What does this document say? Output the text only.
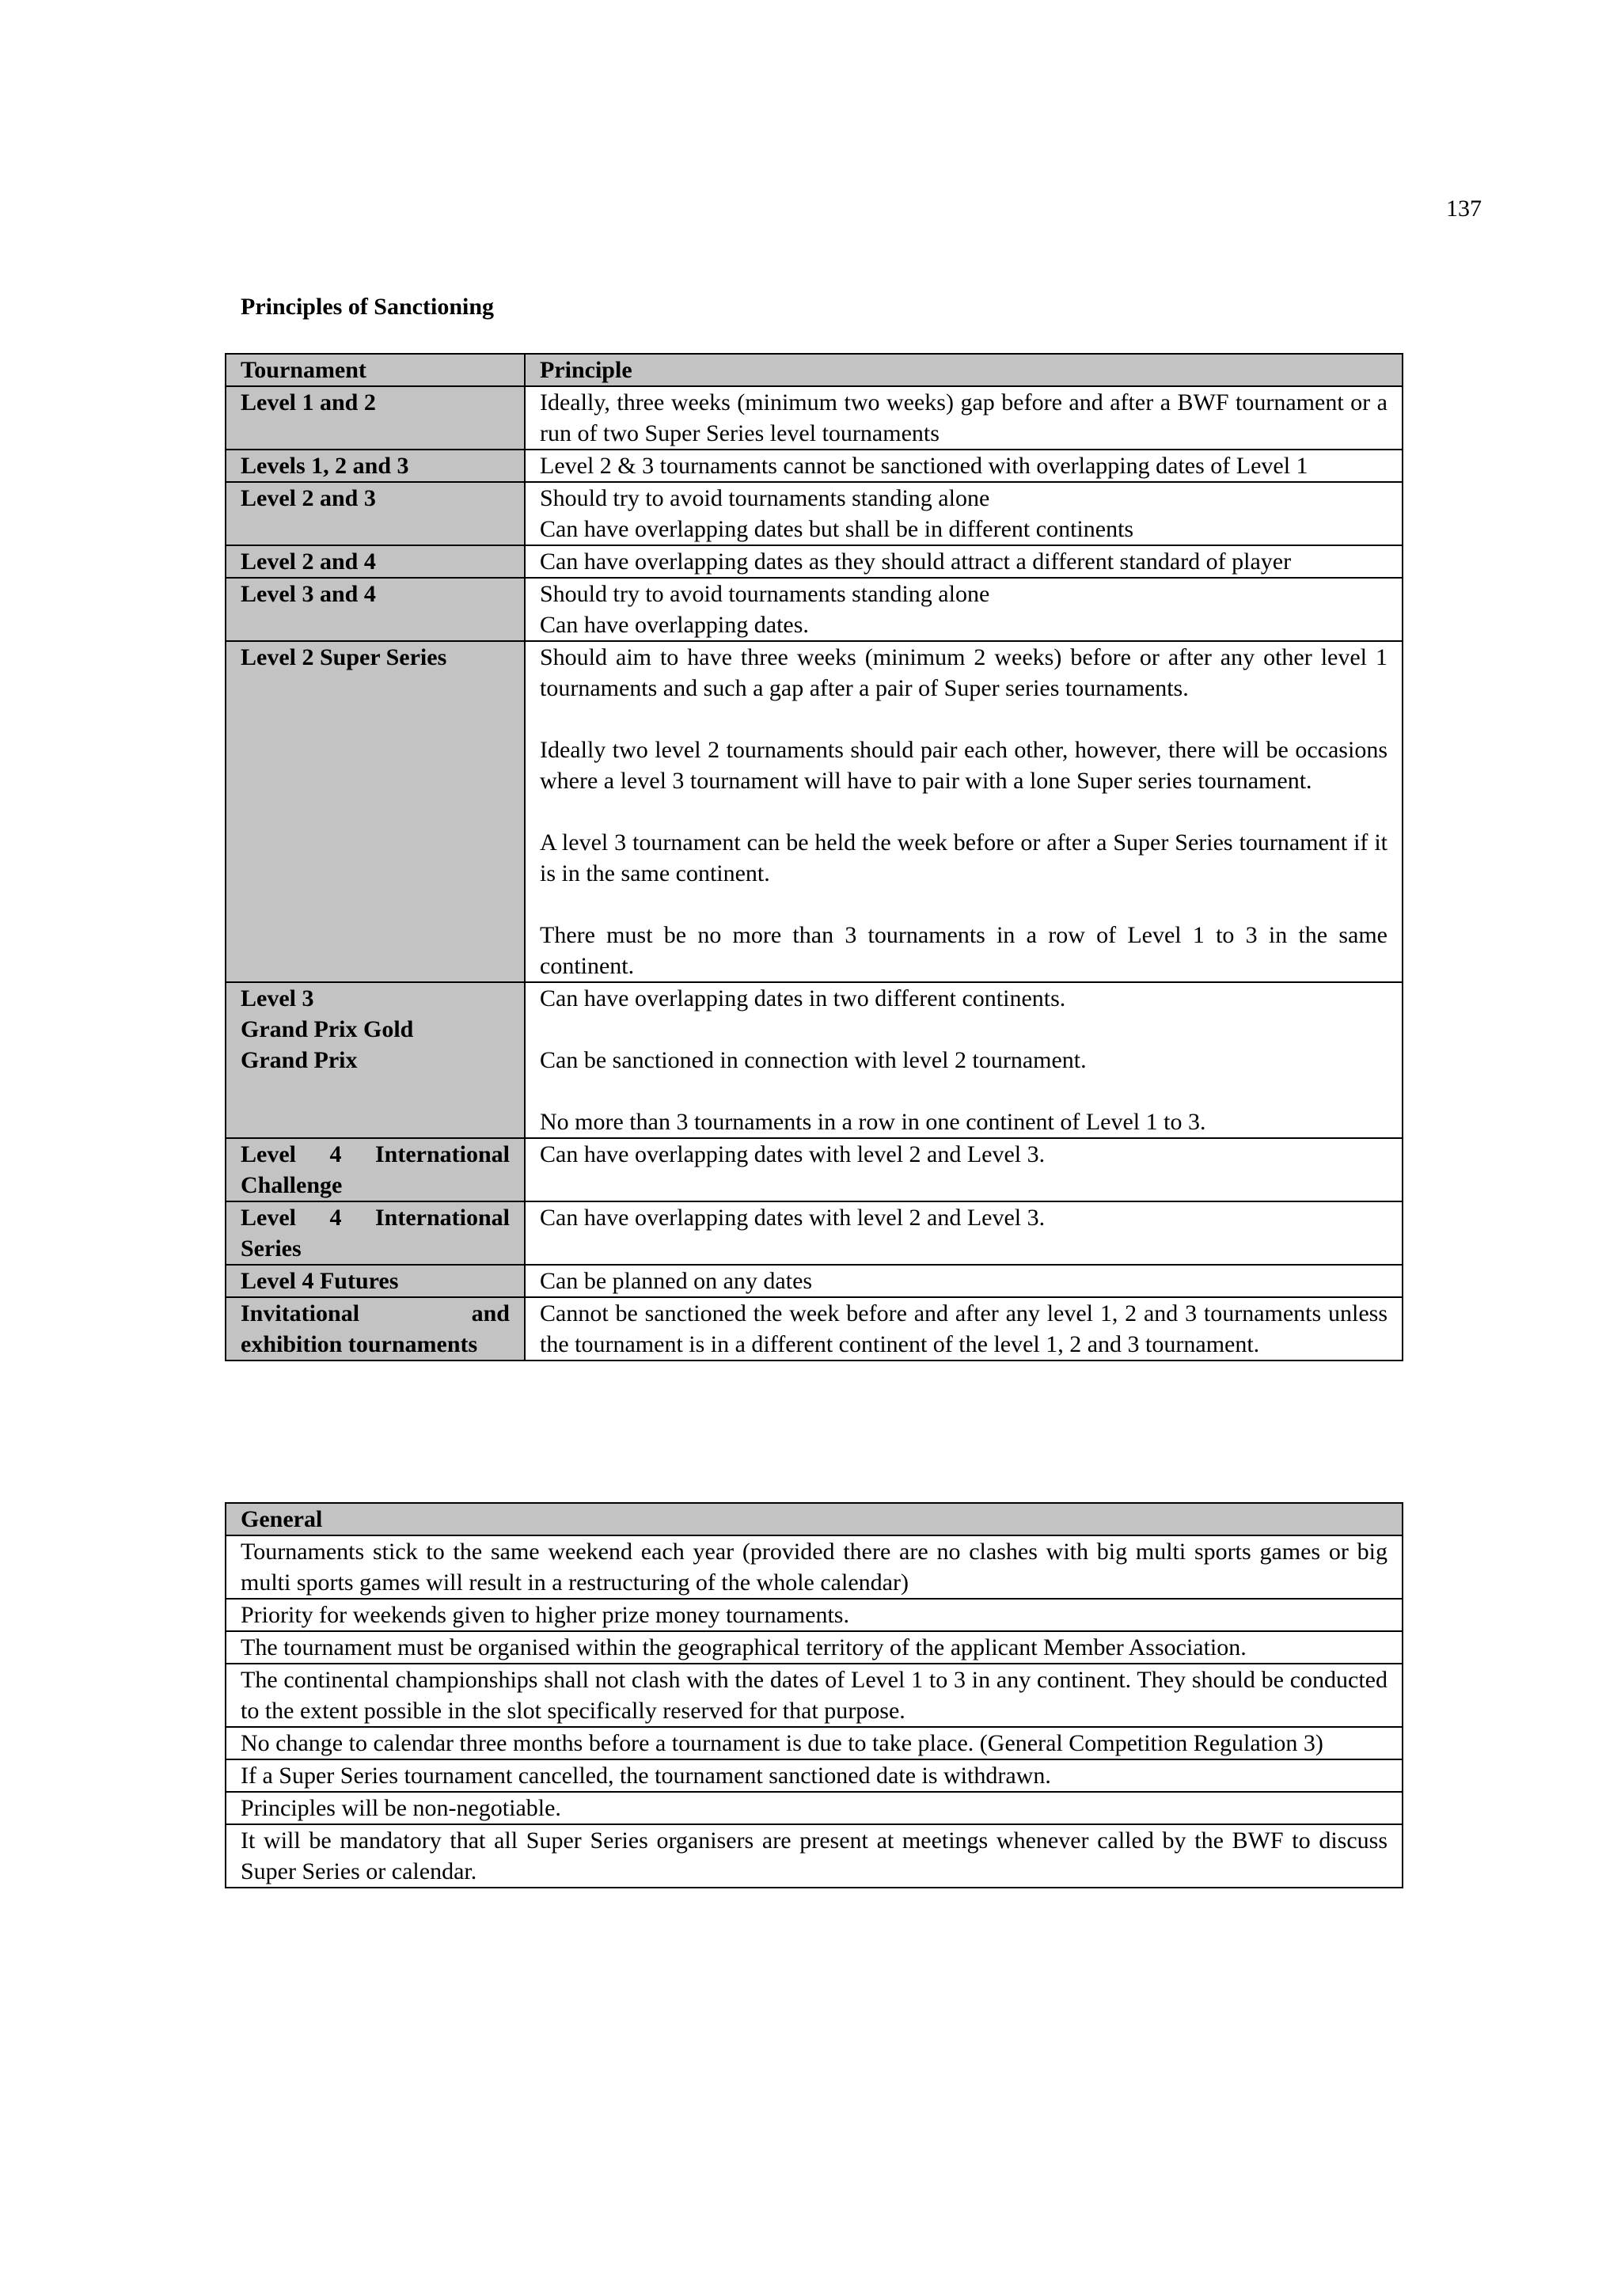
137
Principles of Sanctioning
Tournament	Principle

Level 1 and 2	Ideally, three weeks (minimum two weeks) gap before and after a BWF tournament or a run of two Super Series level tournaments

Levels 1, 2 and 3	Level 2 & 3 tournaments cannot be sanctioned with overlapping dates of Level 1

Level 2 and 3	Should try to avoid tournaments standing alone
Can have overlapping dates but shall be in different continents

Level 2 and 4	Can have overlapping dates as they should attract a different standard of player

Level 3 and 4	Should try to avoid tournaments standing alone
Can have overlapping dates.

Level 2 Super Series	Should aim to have three weeks (minimum 2 weeks) before or after any other level 1 tournaments and such a gap after a pair of Super series tournaments.
Ideally two level 2 tournaments should pair each other, however, there will be occasions where a level 3 tournament will have to pair with a lone Super series tournament.
A level 3 tournament can be held the week before or after a Super Series tournament if it is in the same continent.
There must be no more than 3 tournaments in a row of Level 1 to 3 in the same continent.

Level 3
Grand Prix Gold
Grand Prix	Can have overlapping dates in two different continents.
Can be sanctioned in connection with level 2 tournament.
No more than 3 tournaments in a row in one continent of Level 1 to 3.

Level 4 International Challenge	Can have overlapping dates with level 2 and Level 3.

Level 4 International Series	Can have overlapping dates with level 2 and Level 3.

Level 4 Futures	Can be planned on any dates

Invitational and exhibition tournaments	Cannot be sanctioned the week before and after any level 1, 2 and 3 tournaments unless the tournament is in a different continent of the level 1, 2 and 3 tournament.
General
Tournaments stick to the same weekend each year (provided there are no clashes with big multi sports games or big multi sports games will result in a restructuring of the whole calendar)
Priority for weekends given to higher prize money tournaments.
The tournament must be organised within the geographical territory of the applicant Member Association.
The continental championships shall not clash with the dates of Level 1 to 3 in any continent. They should be conducted to the extent possible in the slot specifically reserved for that purpose.
No change to calendar three months before a tournament is due to take place. (General Competition Regulation 3)
If a Super Series tournament cancelled, the tournament sanctioned date is withdrawn.
Principles will be non-negotiable.
It will be mandatory that all Super Series organisers are present at meetings whenever called by the BWF to discuss Super Series or calendar.
